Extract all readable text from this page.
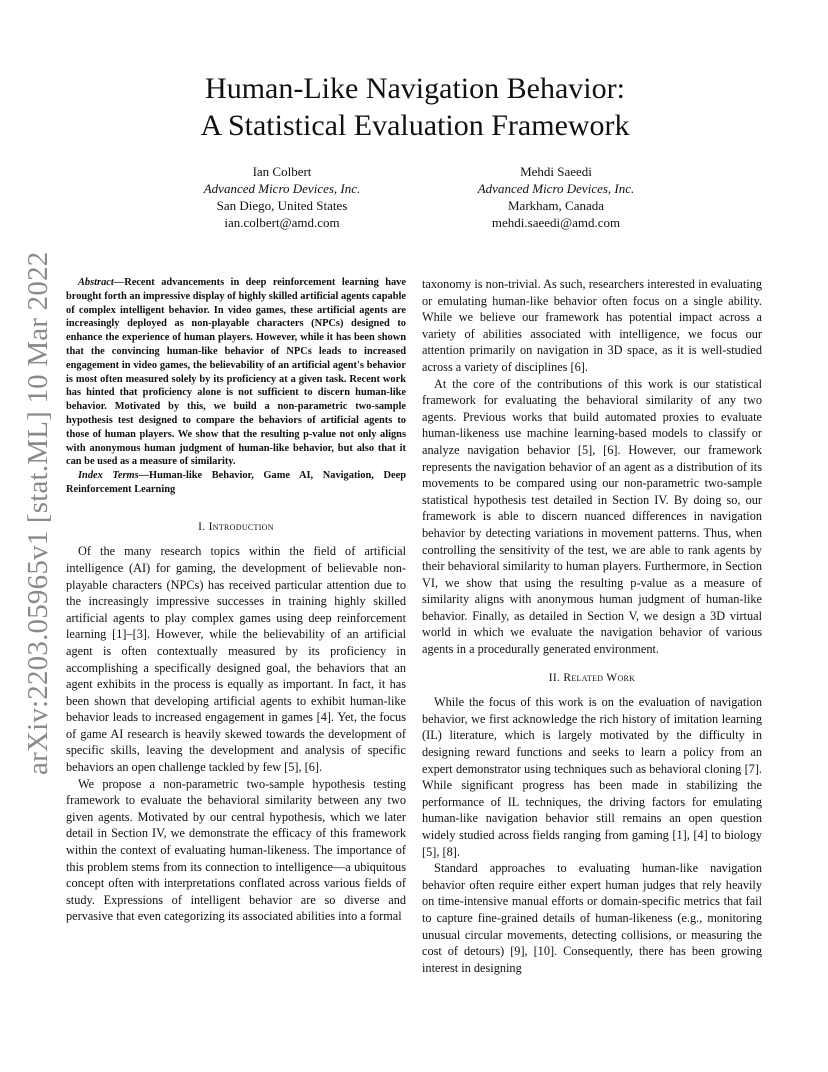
arXiv:2203.05965v1 [stat.ML] 10 Mar 2022
Human-Like Navigation Behavior:
A Statistical Evaluation Framework
Ian Colbert
Advanced Micro Devices, Inc.
San Diego, United States
ian.colbert@amd.com
Mehdi Saeedi
Advanced Micro Devices, Inc.
Markham, Canada
mehdi.saeedi@amd.com

Abstract—Recent advancements in deep reinforcement learning have brought forth an impressive display of highly skilled artificial agents capable of complex intelligent behavior. In video games, these artificial agents are increasingly deployed as non-playable characters (NPCs) designed to enhance the experience of human players. However, while it has been shown that the convincing human-like behavior of NPCs leads to increased engagement in video games, the believability of an artificial agent's behavior is most often measured solely by its proficiency at a given task. Recent work has hinted that proficiency alone is not sufficient to discern human-like behavior. Motivated by this, we build a non-parametric two-sample hypothesis test designed to compare the behaviors of artificial agents to those of human players. We show that the resulting p-value not only aligns with anonymous human judgment of human-like behavior, but also that it can be used as a measure of similarity.

Index Terms—Human-like Behavior, Game AI, Navigation, Deep Reinforcement Learning

I. Introduction

Of the many research topics within the field of artificial intelligence (AI) for gaming, the development of believable non-playable characters (NPCs) has received particular attention due to the increasingly impressive successes in training highly skilled artificial agents to play complex games using deep reinforcement learning [1]–[3]. However, while the believability of an artificial agent is often contextually measured by its proficiency in accomplishing a specifically designed goal, the behaviors that an agent exhibits in the process is equally as important. In fact, it has been shown that developing artificial agents to exhibit human-like behavior leads to increased engagement in games [4]. Yet, the focus of game AI research is heavily skewed towards the development of specific skills, leaving the development and analysis of specific behaviors an open challenge tackled by few [5], [6].

We propose a non-parametric two-sample hypothesis testing framework to evaluate the behavioral similarity between any two given agents. Motivated by our central hypothesis, which we later detail in Section IV, we demonstrate the efficacy of this framework within the context of evaluating human-likeness. The importance of this problem stems from its connection to intelligence—a ubiquitous concept often with interpretations conflated across various fields of study. Expressions of intelligent behavior are so diverse and pervasive that even categorizing its associated abilities into a formal

taxonomy is non-trivial. As such, researchers interested in evaluating or emulating human-like behavior often focus on a single ability. While we believe our framework has potential impact across a variety of abilities associated with intelligence, we focus our attention primarily on navigation in 3D space, as it is well-studied across a variety of disciplines [6].

At the core of the contributions of this work is our statistical framework for evaluating the behavioral similarity of any two agents. Previous works that build automated proxies to evaluate human-likeness use machine learning-based models to classify or analyze navigation behavior [5], [6]. However, our framework represents the navigation behavior of an agent as a distribution of its movements to be compared using our non-parametric two-sample statistical hypothesis test detailed in Section IV. By doing so, our framework is able to discern nuanced differences in navigation behavior by detecting variations in movement patterns. Thus, when controlling the sensitivity of the test, we are able to rank agents by their behavioral similarity to human players. Furthermore, in Section VI, we show that using the resulting p-value as a measure of similarity aligns with anonymous human judgment of human-like behavior. Finally, as detailed in Section V, we design a 3D virtual world in which we evaluate the navigation behavior of various agents in a procedurally generated environment.

II. Related Work

While the focus of this work is on the evaluation of navigation behavior, we first acknowledge the rich history of imitation learning (IL) literature, which is largely motivated by the difficulty in designing reward functions and seeks to learn a policy from an expert demonstrator using techniques such as behavioral cloning [7]. While significant progress has been made in stabilizing the performance of IL techniques, the driving factors for emulating human-like navigation behavior still remains an open question widely studied across fields ranging from gaming [1], [4] to biology [5], [8].

Standard approaches to evaluating human-like navigation behavior often require either expert human judges that rely heavily on time-intensive manual efforts or domain-specific metrics that fail to capture fine-grained details of human-likeness (e.g., monitoring unusual circular movements, detecting collisions, or measuring the cost of detours) [9], [10]. Consequently, there has been growing interest in designing
